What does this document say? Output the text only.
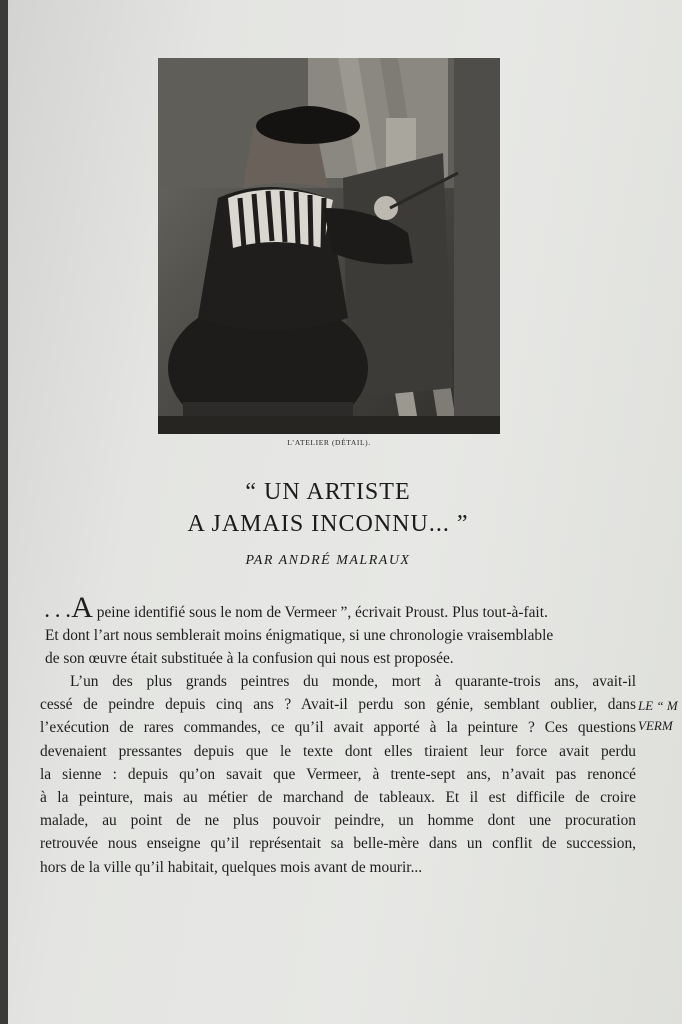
L’ATELIER (DÉTAIL).
“ UN ARTISTE
A JAMAIS INCONNU... ”
PAR ANDRÉ MALRAUX
. . .A peine identifié sous le nom de Vermeer ”, écrivait Proust. Plus tout-à-fait.
Et dont l’art nous semblerait moins énigmatique, si une chronologie vraisemblable
de son œuvre était substituée à la confusion qui nous est proposée.
L’un des plus grands peintres du monde, mort à quarante-trois ans, avait-il
cessé de peindre depuis cinq ans ? Avait-il perdu son génie, semblant oublier, dans
l’exécution de rares commandes, ce qu’il avait apporté à la peinture ? Ces questions
devenaient pressantes depuis que le texte dont elles tiraient leur force avait perdu
la sienne : depuis qu’on savait que Vermeer, à trente-sept ans, n’avait pas renoncé
à la peinture, mais au métier de marchand de tableaux. Et il est difficile de croire
malade, au point de ne plus pouvoir peindre, un homme dont une procuration
retrouvée nous enseigne qu’il représentait sa belle-mère dans un conflit de succession,
hors de la ville qu’il habitait, quelques mois avant de mourir...
LE “ M
VERM
